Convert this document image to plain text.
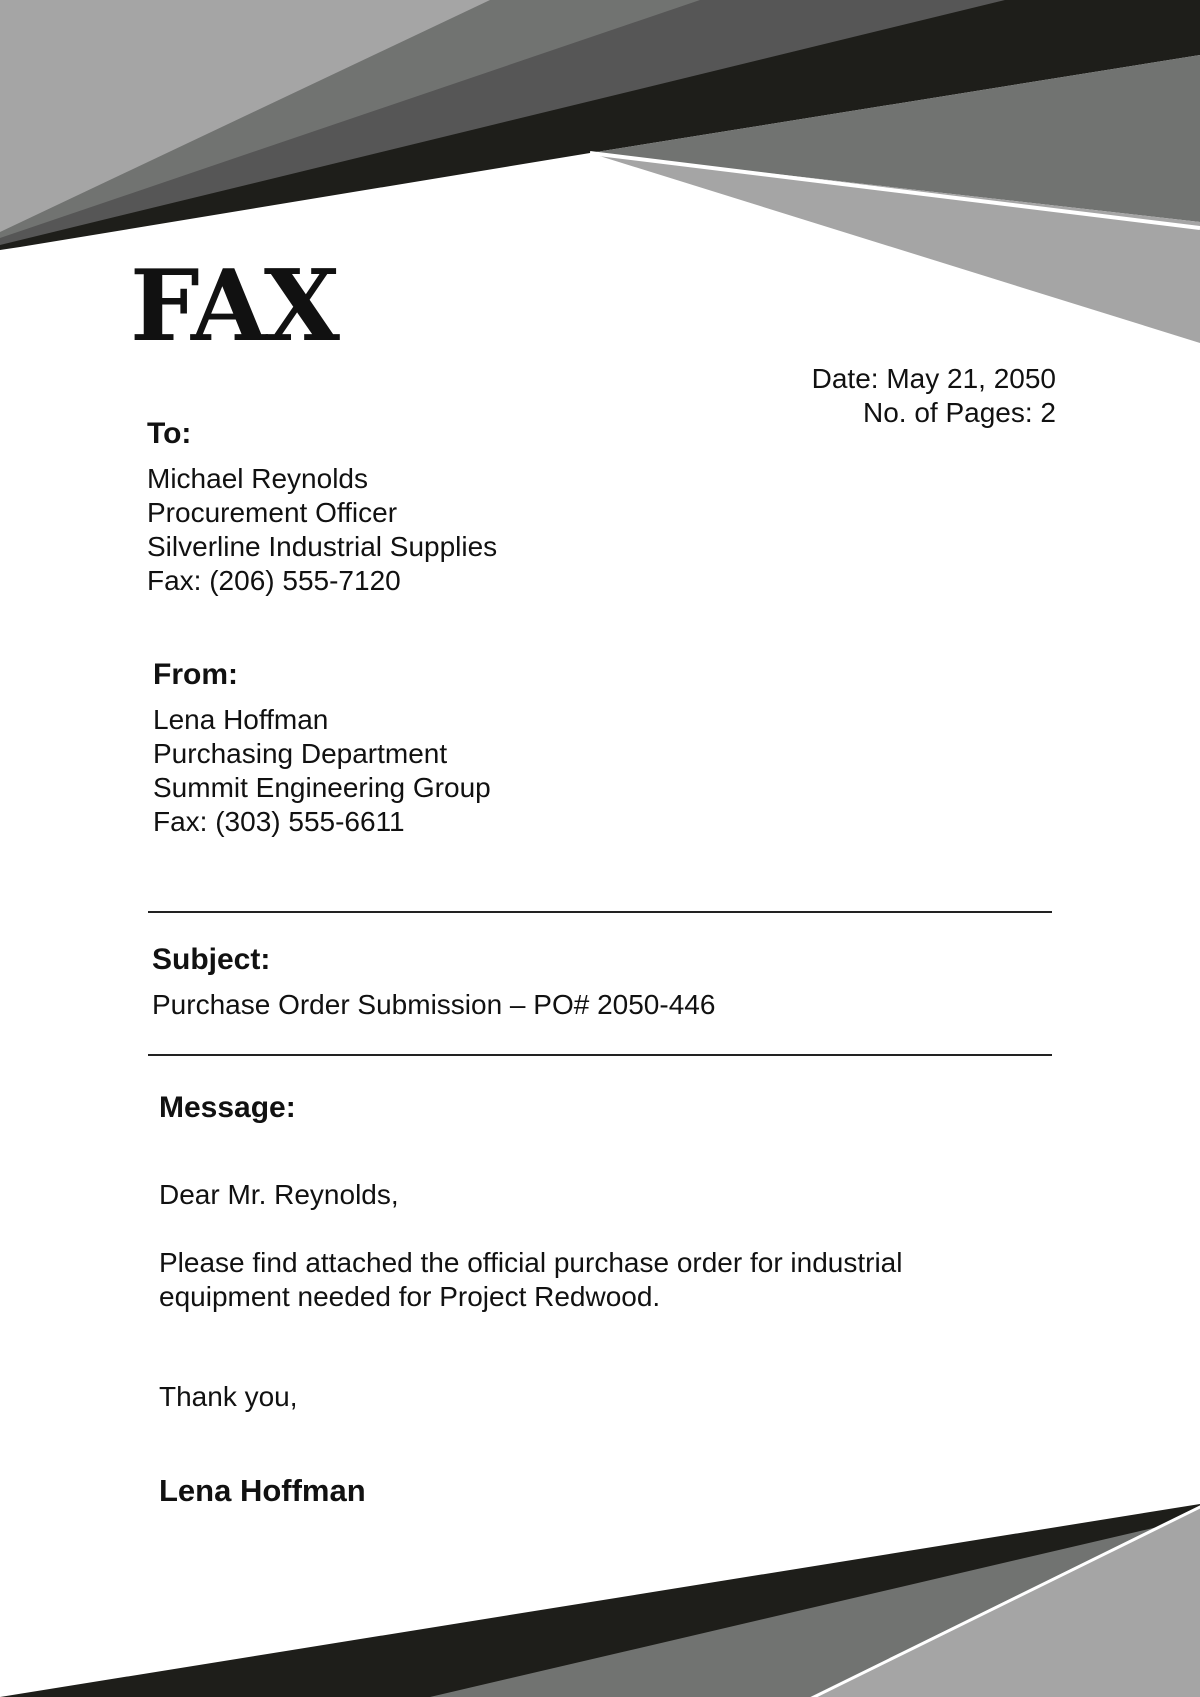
FAX
Date: May 21, 2050
No. of Pages: 2
To:
Michael Reynolds
Procurement Officer
Silverline Industrial Supplies
Fax: (206) 555-7120
From:
Lena Hoffman
Purchasing Department
Summit Engineering Group
Fax: (303) 555-6611
Subject:
Purchase Order Submission – PO# 2050-446
Message:
Dear Mr. Reynolds,
Please find attached the official purchase order for industrial equipment needed for Project Redwood.
Thank you,
Lena Hoffman
